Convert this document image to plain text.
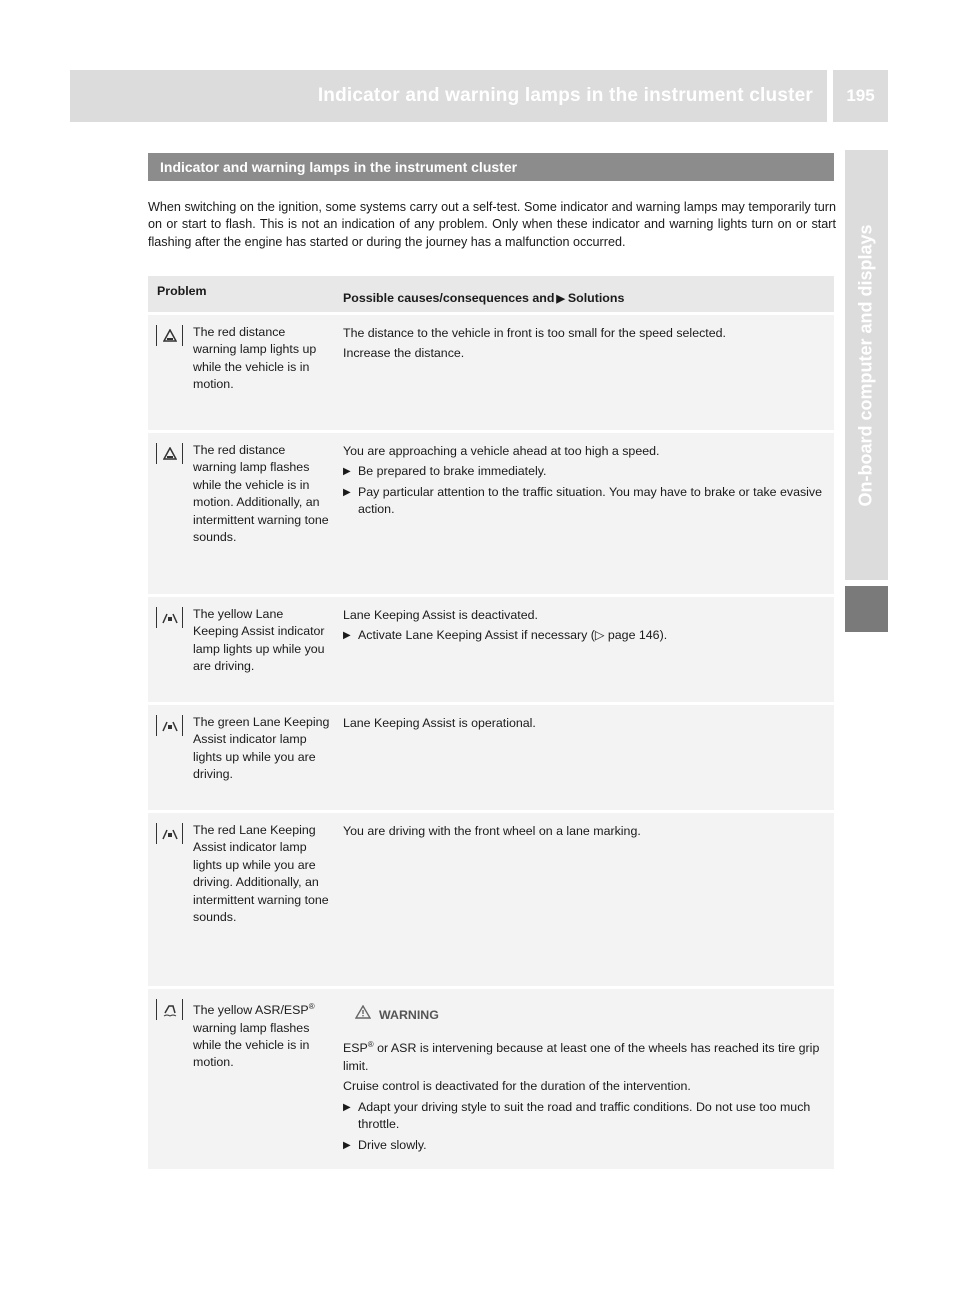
Indicator and warning lamps in the instrument cluster	195
On-board computer and displays
Indicator and warning lamps in the instrument cluster
When switching on the ignition, some systems carry out a self-test. Some indicator and warning lamps may temporarily turn on or start to flash. This is not an indication of any problem. Only when these indicator and warning lights turn on or start flashing after the engine has started or during the journey has a malfunction occurred.
Problem	Possible causes/consequences and ▶ Solutions
The red distance warning lamp lights up while the vehicle is in motion.
The distance to the vehicle in front is too small for the speed selected.
Increase the distance.
The red distance warning lamp flashes while the vehicle is in motion. Additionally, an intermittent warning tone sounds.
You are approaching a vehicle ahead at too high a speed.
▶ Be prepared to brake immediately.
▶ Pay particular attention to the traffic situation. You may have to brake or take evasive action.
The yellow Lane Keeping Assist indicator lamp lights up while you are driving.
Lane Keeping Assist is deactivated.
▶ Activate Lane Keeping Assist if necessary (▷ page 146).
The green Lane Keeping Assist indicator lamp lights up while you are driving.
Lane Keeping Assist is operational.
The red Lane Keeping Assist indicator lamp lights up while you are driving. Additionally, an intermittent warning tone sounds.
You are driving with the front wheel on a lane marking.
The yellow ASR/ESP® warning lamp flashes while the vehicle is in motion.
WARNING
ESP® or ASR is intervening because at least one of the wheels has reached its tire grip limit.
Cruise control is deactivated for the duration of the intervention.
▶ Adapt your driving style to suit the road and traffic conditions. Do not use too much throttle.
▶ Drive slowly.
